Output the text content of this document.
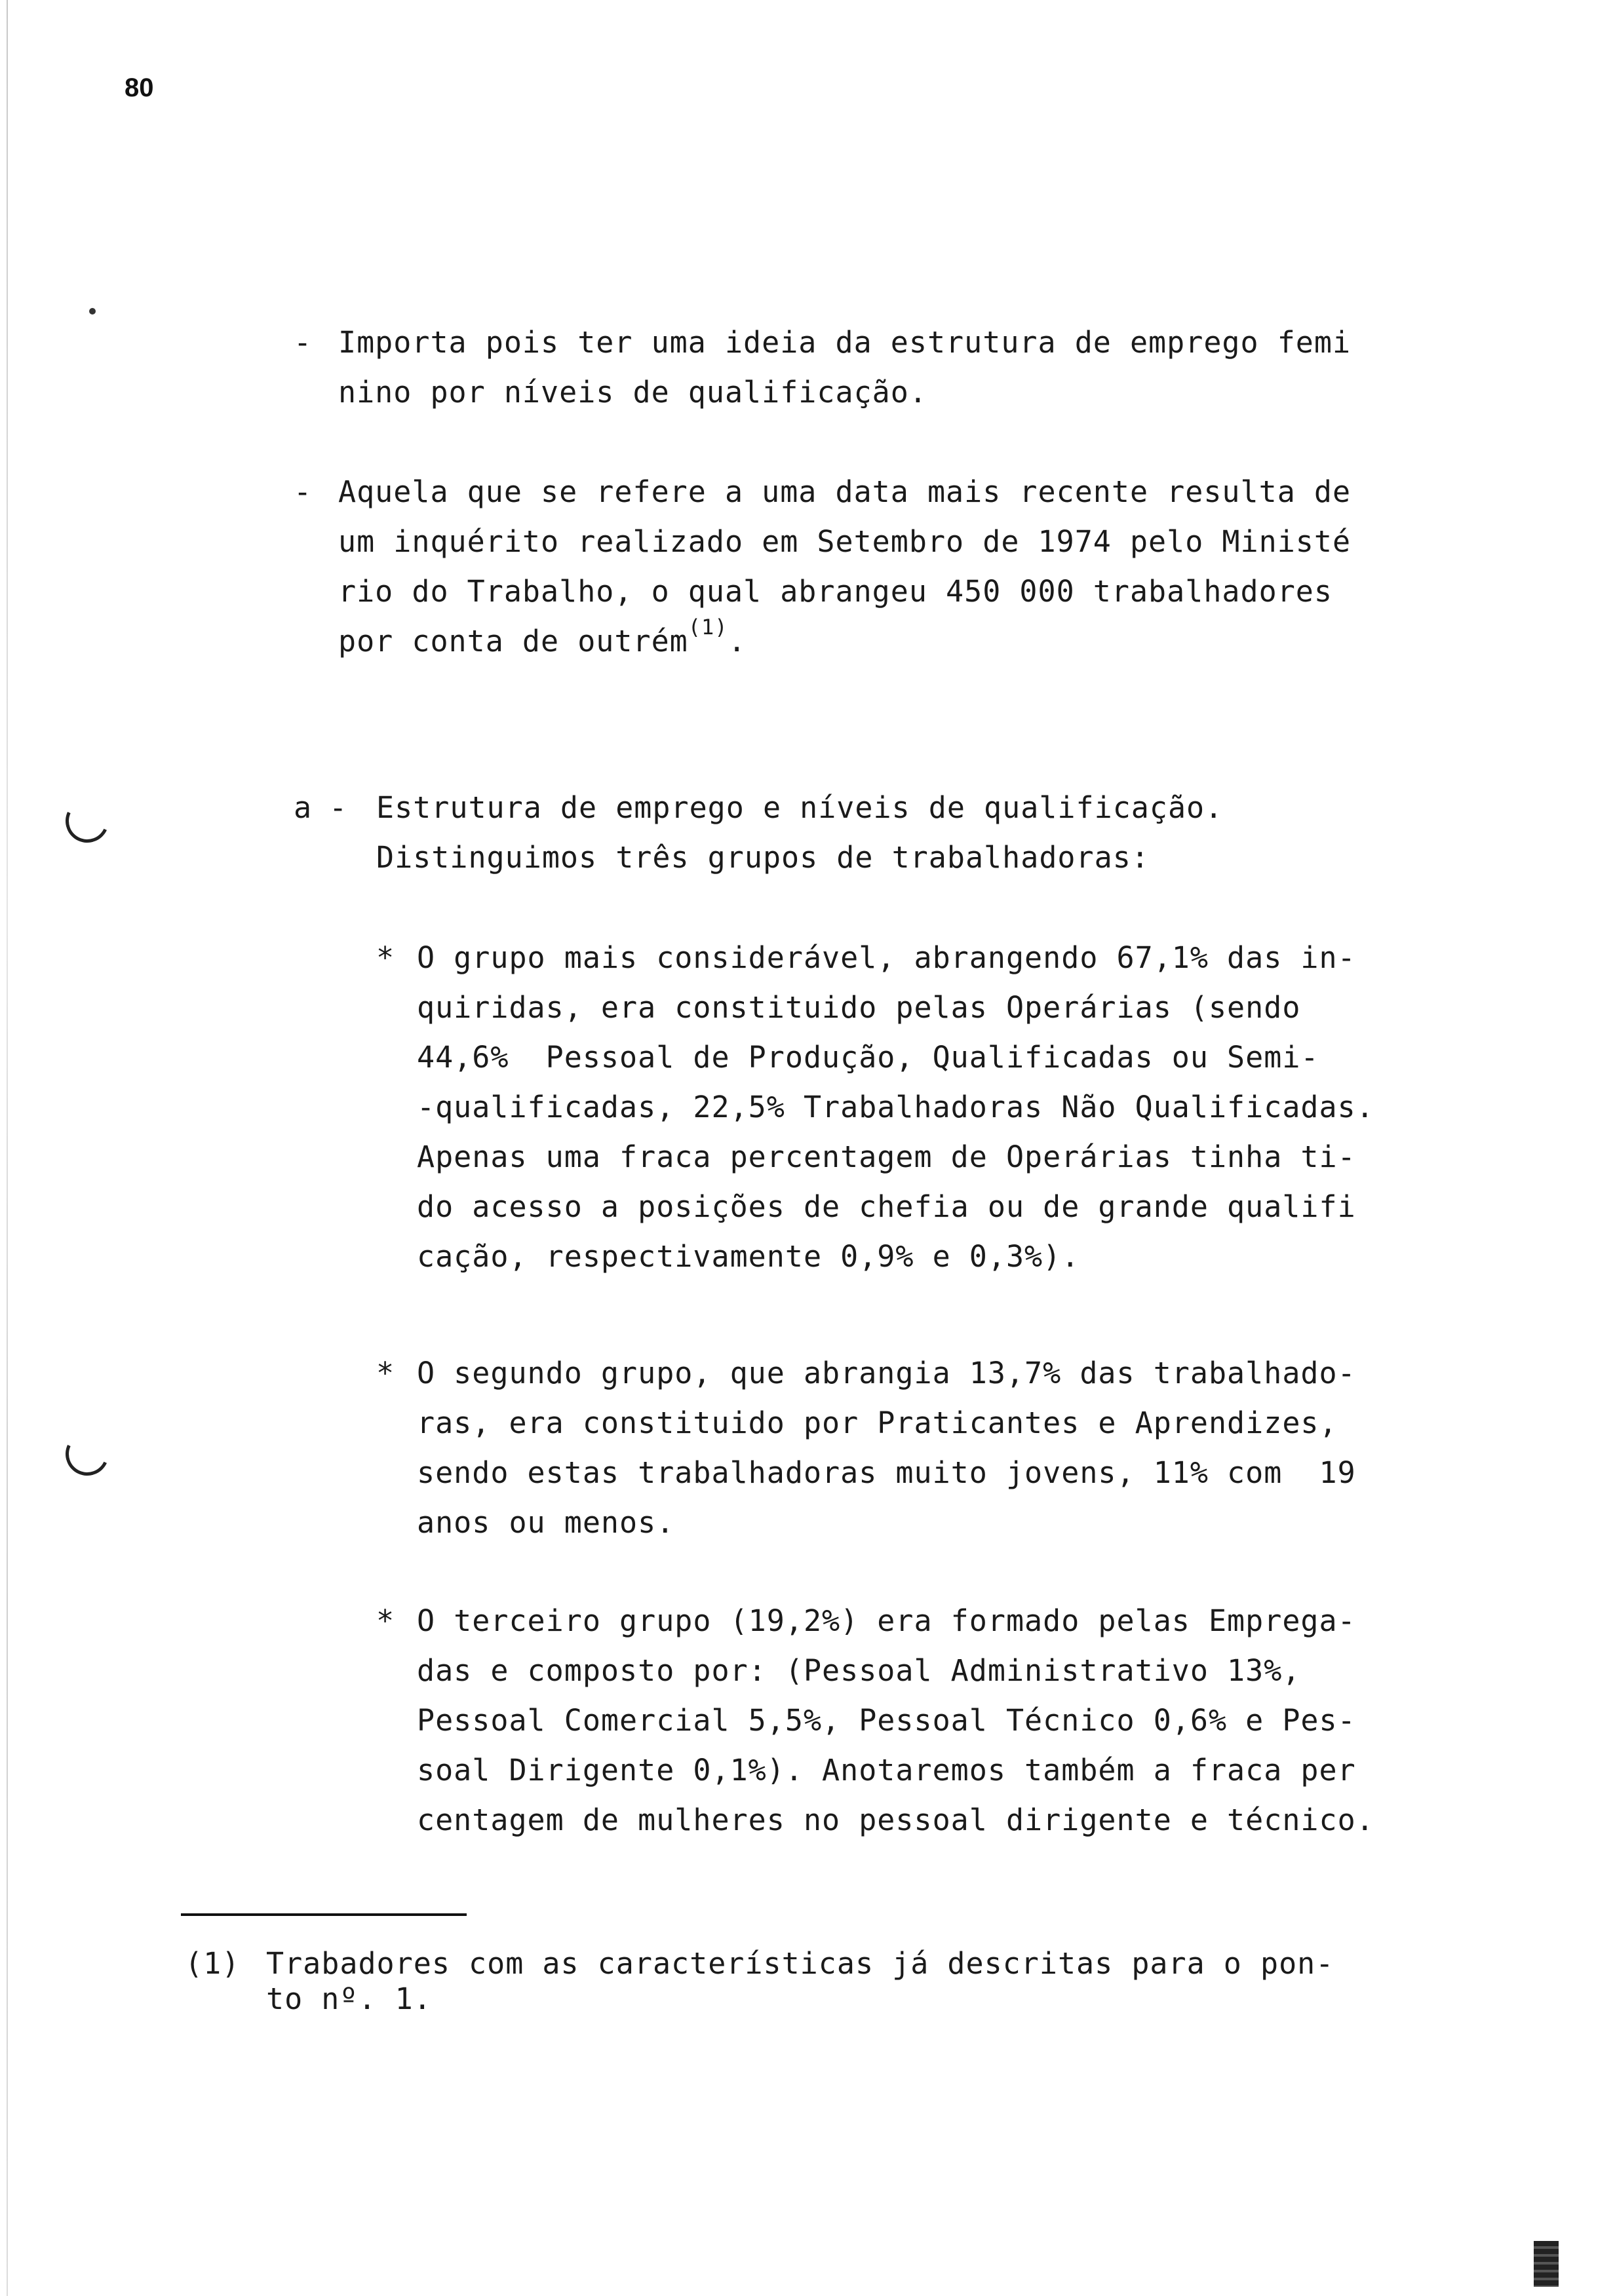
80
- Importa pois ter uma ideia da estrutura de emprego femi
nino por níveis de qualificação.
- Aquela que se refere a uma data mais recente resulta de
um inquérito realizado em Setembro de 1974 pelo Ministé
rio do Trabalho, o qual abrangeu 450 000 trabalhadores
por conta de outrém$^{(1)}$.
a - Estrutura de emprego e níveis de qualificação.
Distinguimos três grupos de trabalhadoras:
* O grupo mais considerável, abrangendo 67,1% das in-
quiridas, era constituido pelas Operárias (sendo
44,6%  Pessoal de Produção, Qualificadas ou Semi-
-qualificadas, 22,5% Trabalhadoras Não Qualificadas.
Apenas uma fraca percentagem de Operárias tinha ti-
do acesso a posições de chefia ou de grande qualifi
cação, respectivamente 0,9% e 0,3%).
* O segundo grupo, que abrangia 13,7% das trabalhado-
ras, era constituido por Praticantes e Aprendizes,
sendo estas trabalhadoras muito jovens, 11% com  19
anos ou menos.
* O terceiro grupo (19,2%) era formado pelas Emprega-
das e composto por: (Pessoal Administrativo 13%,
Pessoal Comercial 5,5%, Pessoal Técnico 0,6% e Pes-
soal Dirigente 0,1%). Anotaremos também a fraca per
centagem de mulheres no pessoal dirigente e técnico.
(1) Trabadores com as características já descritas para o pon-
to nº. 1.
